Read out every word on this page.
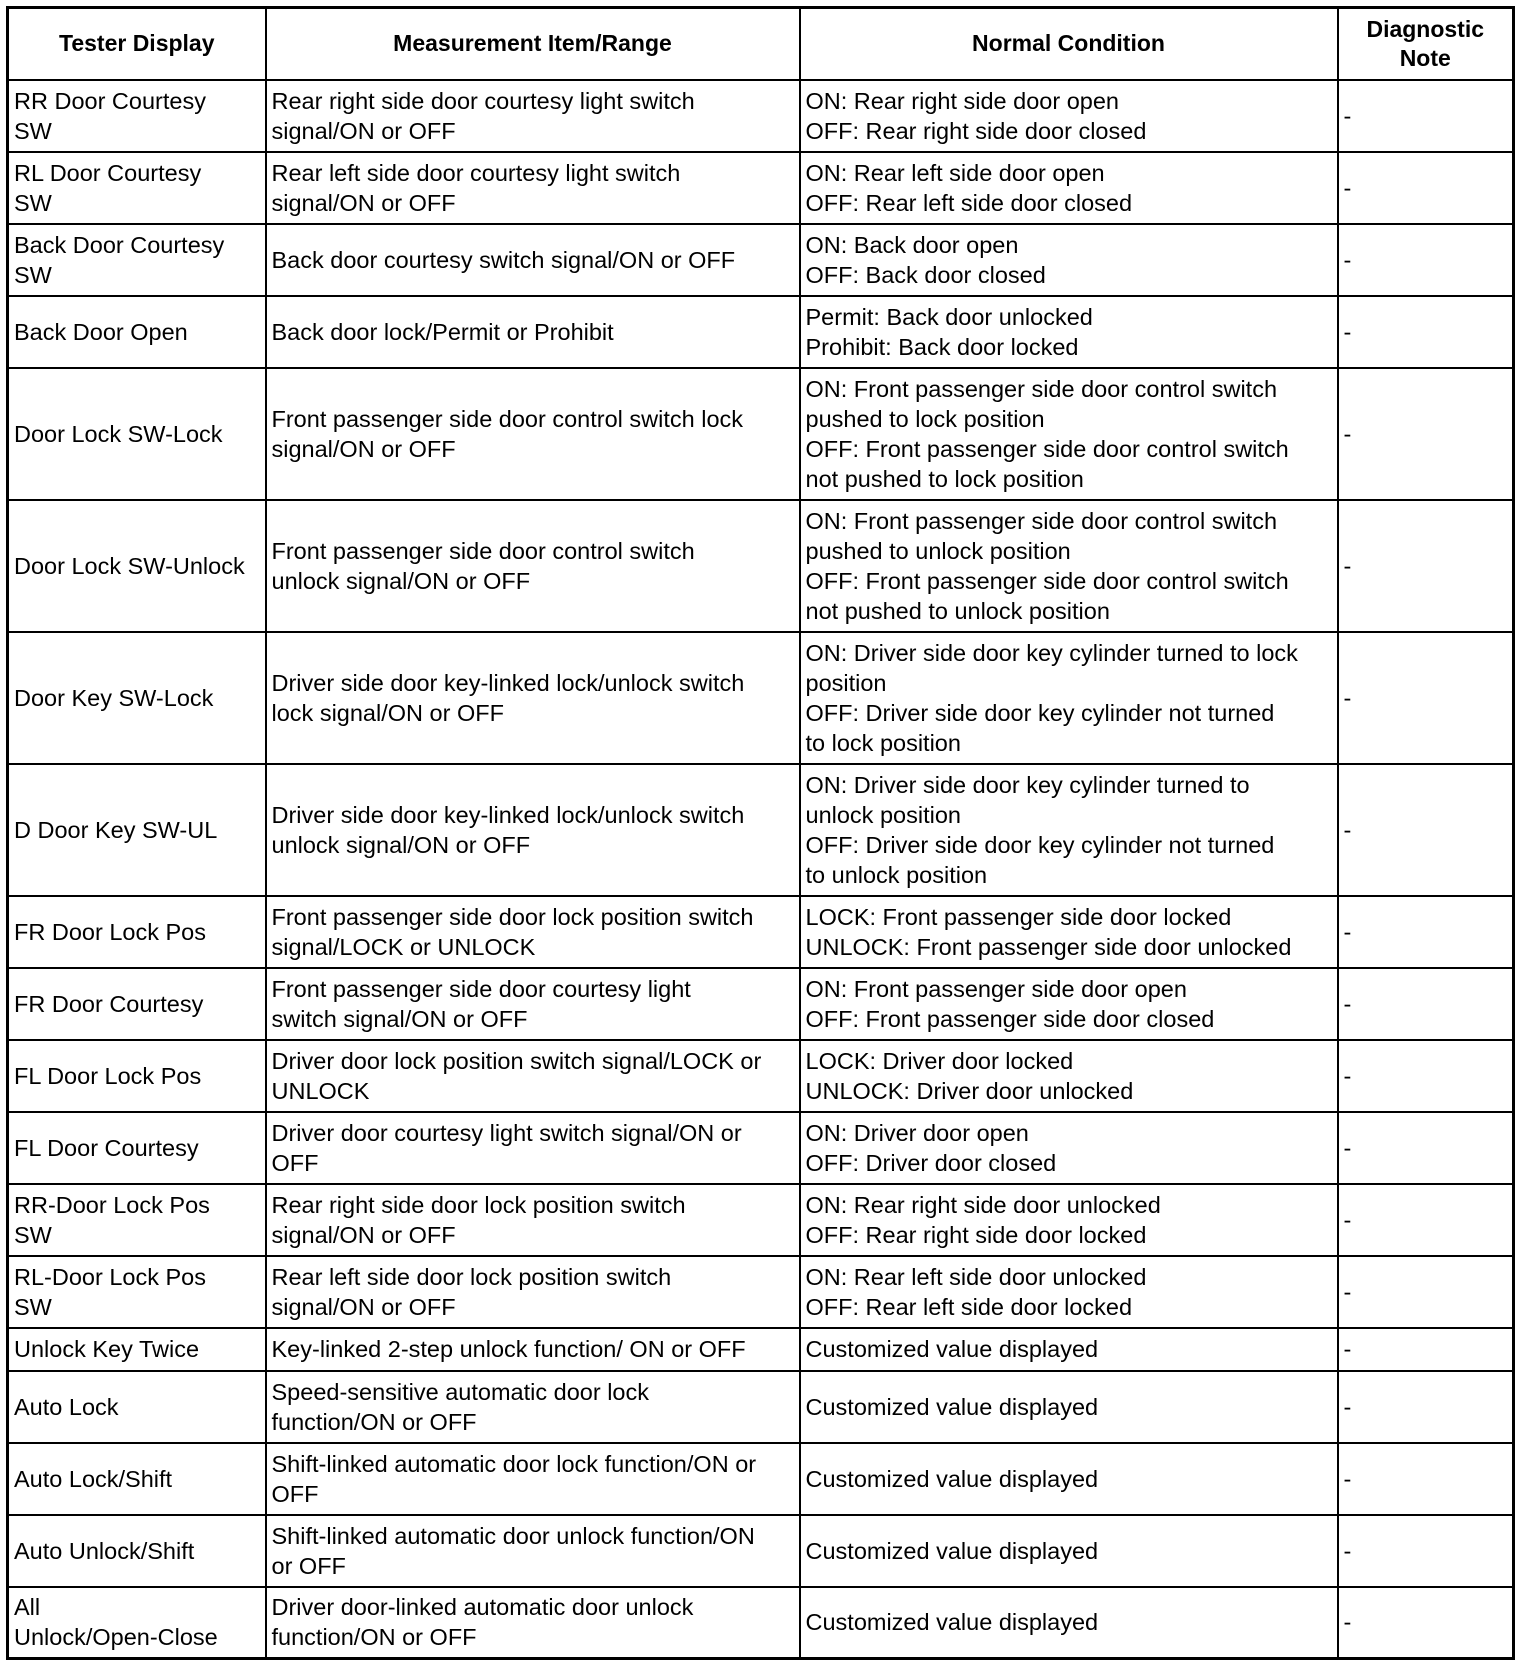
Tester Display	Measurement Item/Range	Normal Condition	Diagnostic
Note
RR Door Courtesy
SW	Rear right side door courtesy light switch
signal/ON or OFF	ON: Rear right side door open
OFF: Rear right side door closed	-
RL Door Courtesy
SW	Rear left side door courtesy light switch
signal/ON or OFF	ON: Rear left side door open
OFF: Rear left side door closed	-
Back Door Courtesy
SW	Back door courtesy switch signal/ON or OFF	ON: Back door open
OFF: Back door closed	-
Back Door Open	Back door lock/Permit or Prohibit	Permit: Back door unlocked
Prohibit: Back door locked	-
Door Lock SW-Lock	Front passenger side door control switch lock
signal/ON or OFF	ON: Front passenger side door control switch
pushed to lock position
OFF: Front passenger side door control switch
not pushed to lock position	-
Door Lock SW-Unlock	Front passenger side door control switch
unlock signal/ON or OFF	ON: Front passenger side door control switch
pushed to unlock position
OFF: Front passenger side door control switch
not pushed to unlock position	-
Door Key SW-Lock	Driver side door key-linked lock/unlock switch
lock signal/ON or OFF	ON: Driver side door key cylinder turned to lock
position
OFF: Driver side door key cylinder not turned
to lock position	-
D Door Key SW-UL	Driver side door key-linked lock/unlock switch
unlock signal/ON or OFF	ON: Driver side door key cylinder turned to
unlock position
OFF: Driver side door key cylinder not turned
to unlock position	-
FR Door Lock Pos	Front passenger side door lock position switch
signal/LOCK or UNLOCK	LOCK: Front passenger side door locked
UNLOCK: Front passenger side door unlocked	-
FR Door Courtesy	Front passenger side door courtesy light
switch signal/ON or OFF	ON: Front passenger side door open
OFF: Front passenger side door closed	-
FL Door Lock Pos	Driver door lock position switch signal/LOCK or
UNLOCK	LOCK: Driver door locked
UNLOCK: Driver door unlocked	-
FL Door Courtesy	Driver door courtesy light switch signal/ON or
OFF	ON: Driver door open
OFF: Driver door closed	-
RR-Door Lock Pos
SW	Rear right side door lock position switch
signal/ON or OFF	ON: Rear right side door unlocked
OFF: Rear right side door locked	-
RL-Door Lock Pos
SW	Rear left side door lock position switch
signal/ON or OFF	ON: Rear left side door unlocked
OFF: Rear left side door locked	-
Unlock Key Twice	Key-linked 2-step unlock function/ ON or OFF	Customized value displayed	-
Auto Lock	Speed-sensitive automatic door lock
function/ON or OFF	Customized value displayed	-
Auto Lock/Shift	Shift-linked automatic door lock function/ON or
OFF	Customized value displayed	-
Auto Unlock/Shift	Shift-linked automatic door unlock function/ON
or OFF	Customized value displayed	-
All
Unlock/Open-Close	Driver door-linked automatic door unlock
function/ON or OFF	Customized value displayed	-
